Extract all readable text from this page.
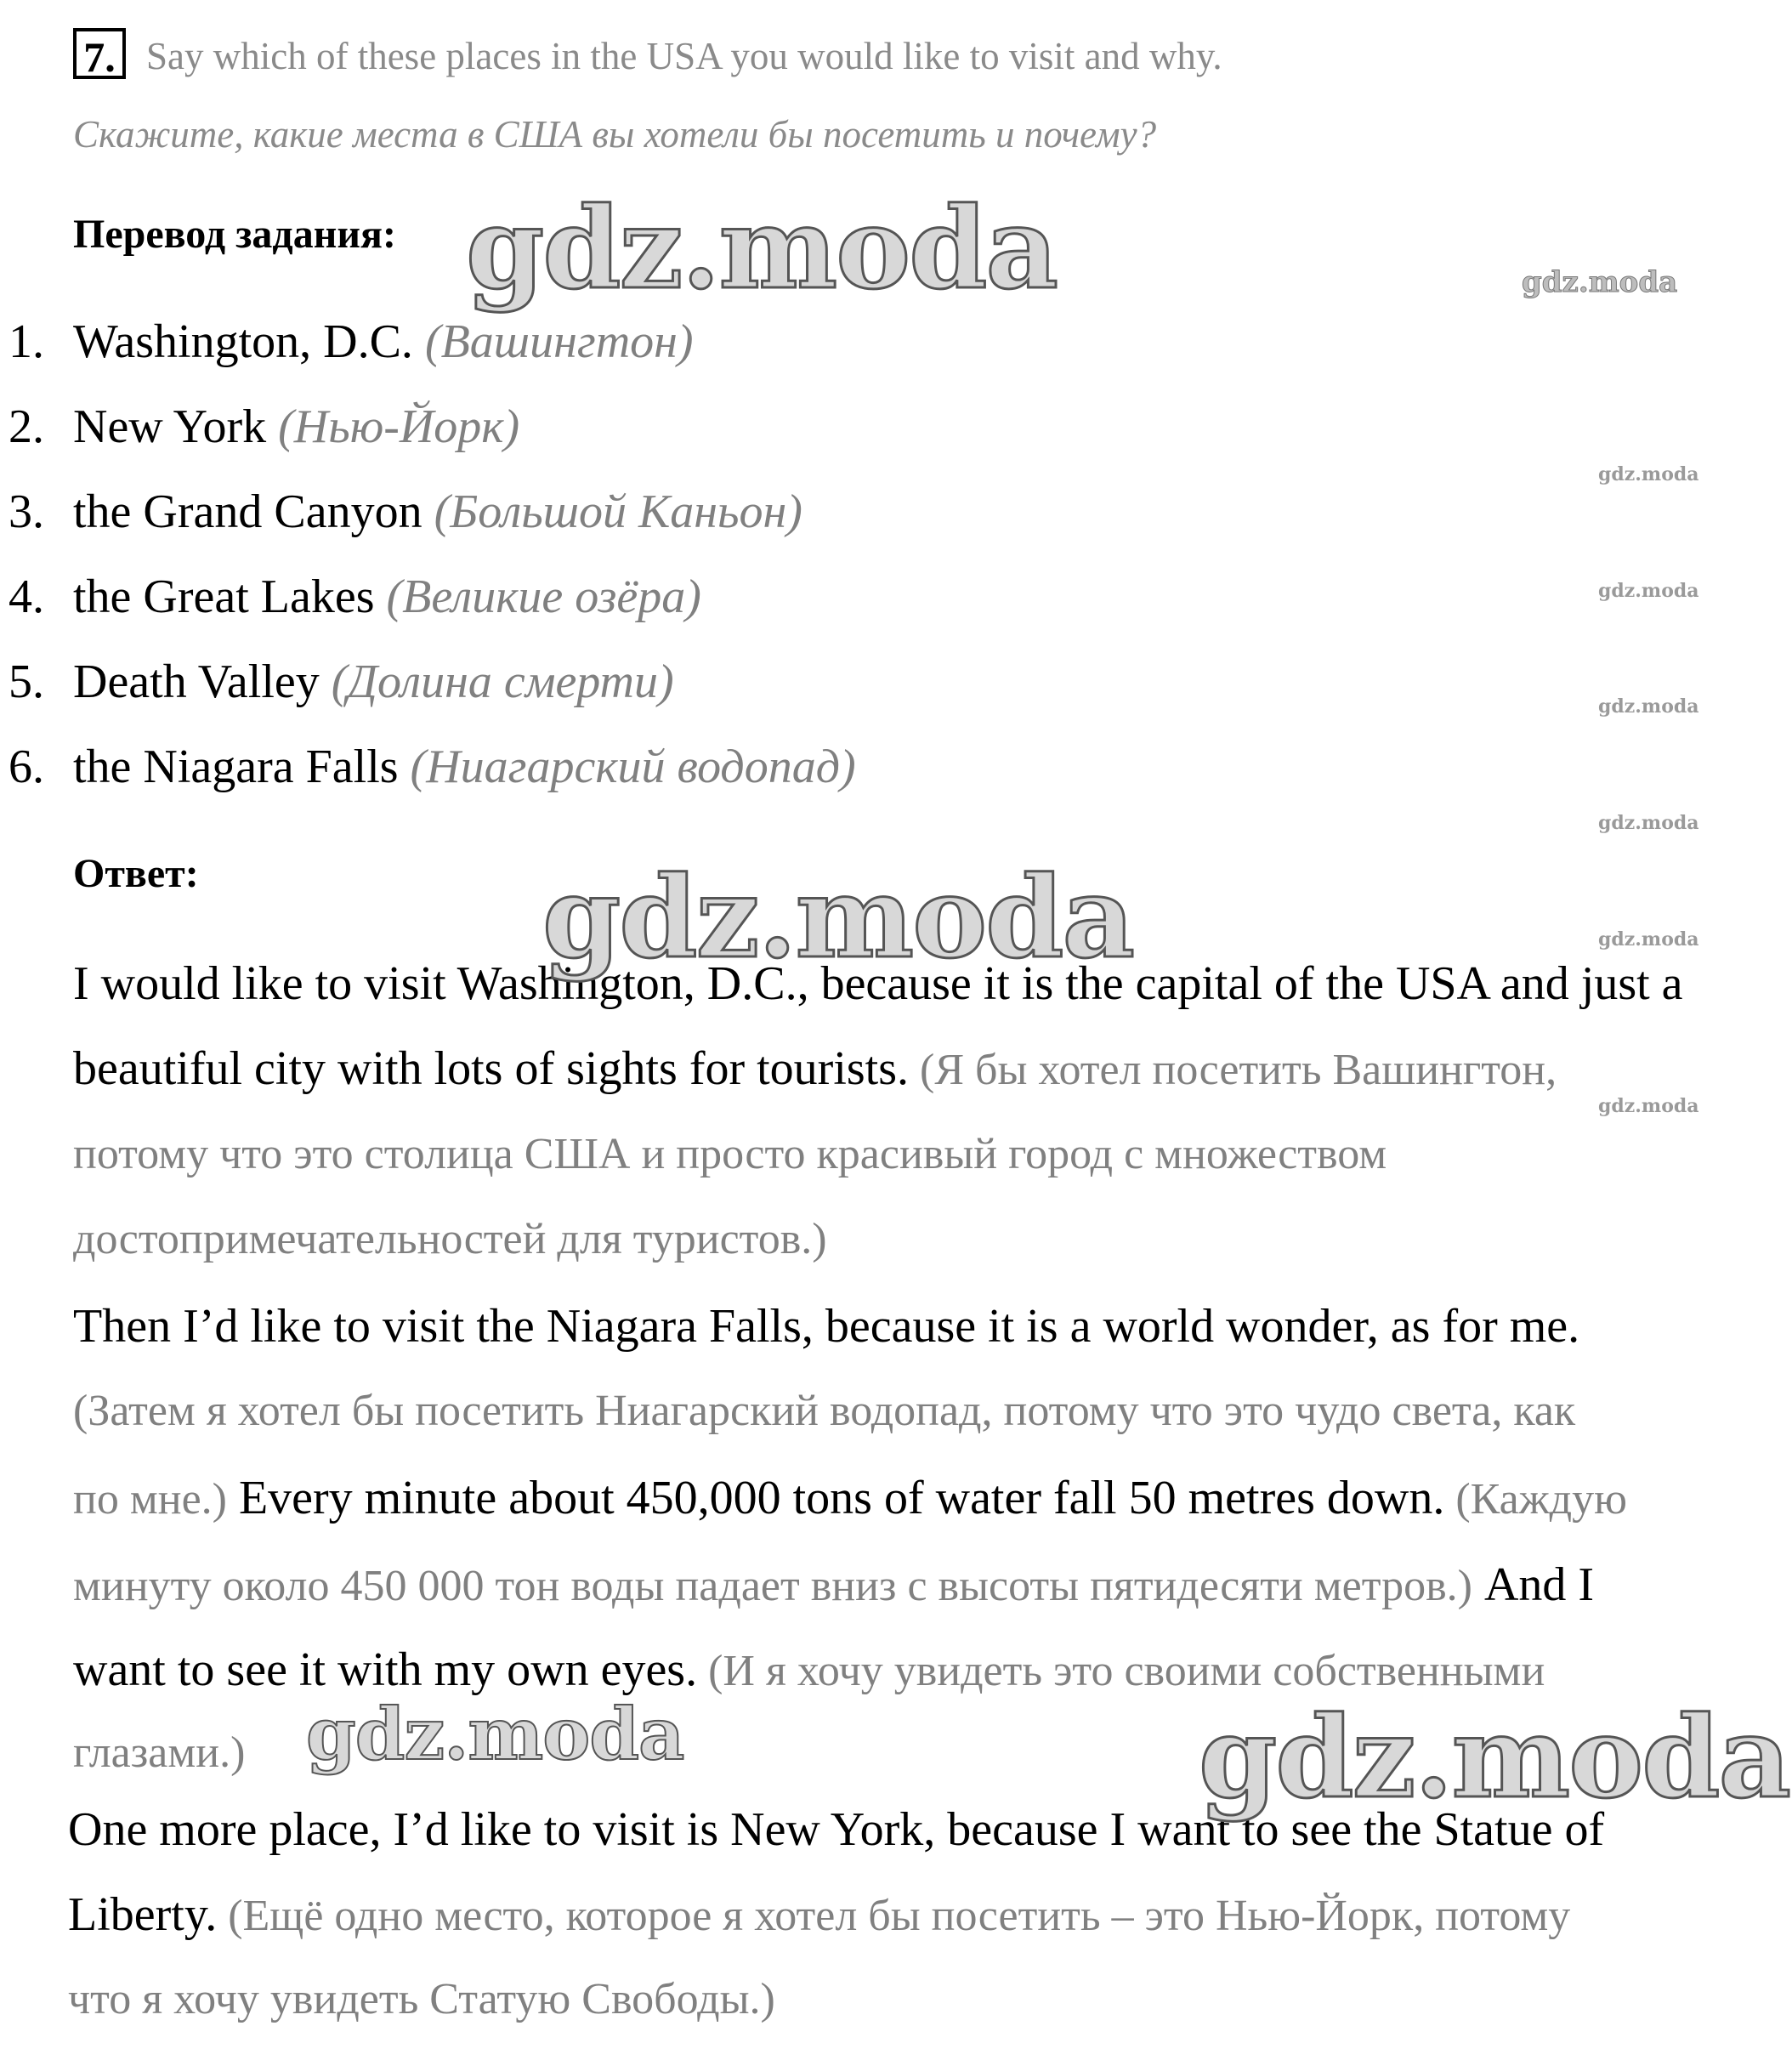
7. Say which of these places in the USA you would like to visit and why.
Скажите, какие места в США вы хотели бы посетить и почему?
Перевод задания:
1. Washington, D.C. (Вашингтон)
2. New York (Нью-Йорк)
3. the Grand Canyon (Большой Каньон)
4. the Great Lakes (Великие озёра)
5. Death Valley (Долина смерти)
6. the Niagara Falls (Ниагарский водопад)
Ответ:
I would like to visit Washington, D.C., because it is the capital of the USA and just a
beautiful city with lots of sights for tourists. (Я бы хотел посетить Вашингтон,
потому что это столица США и просто красивый город с множеством
достопримечательностей для туристов.)
Then I’d like to visit the Niagara Falls, because it is a world wonder, as for me.
(Затем я хотел бы посетить Ниагарский водопад, потому что это чудо света, как
по мне.) Every minute about 450,000 tons of water fall 50 metres down. (Каждую
минуту около 450 000 тон воды падает вниз с высоты пятидесяти метров.) And I
want to see it with my own eyes. (И я хочу увидеть это своими собственными
глазами.)
One more place, I’d like to visit is New York, because I want to see the Statue of
Liberty. (Ещё одно место, которое я хотел бы посетить – это Нью-Йорк, потому
что я хочу увидеть Статую Свободы.)
gdz.moda	gdz.moda
gdz.moda
gdz.moda
gdz.moda
gdz.moda
gdz.moda
gdz.moda
gdz.moda
gdz.moda	gdz.moda
